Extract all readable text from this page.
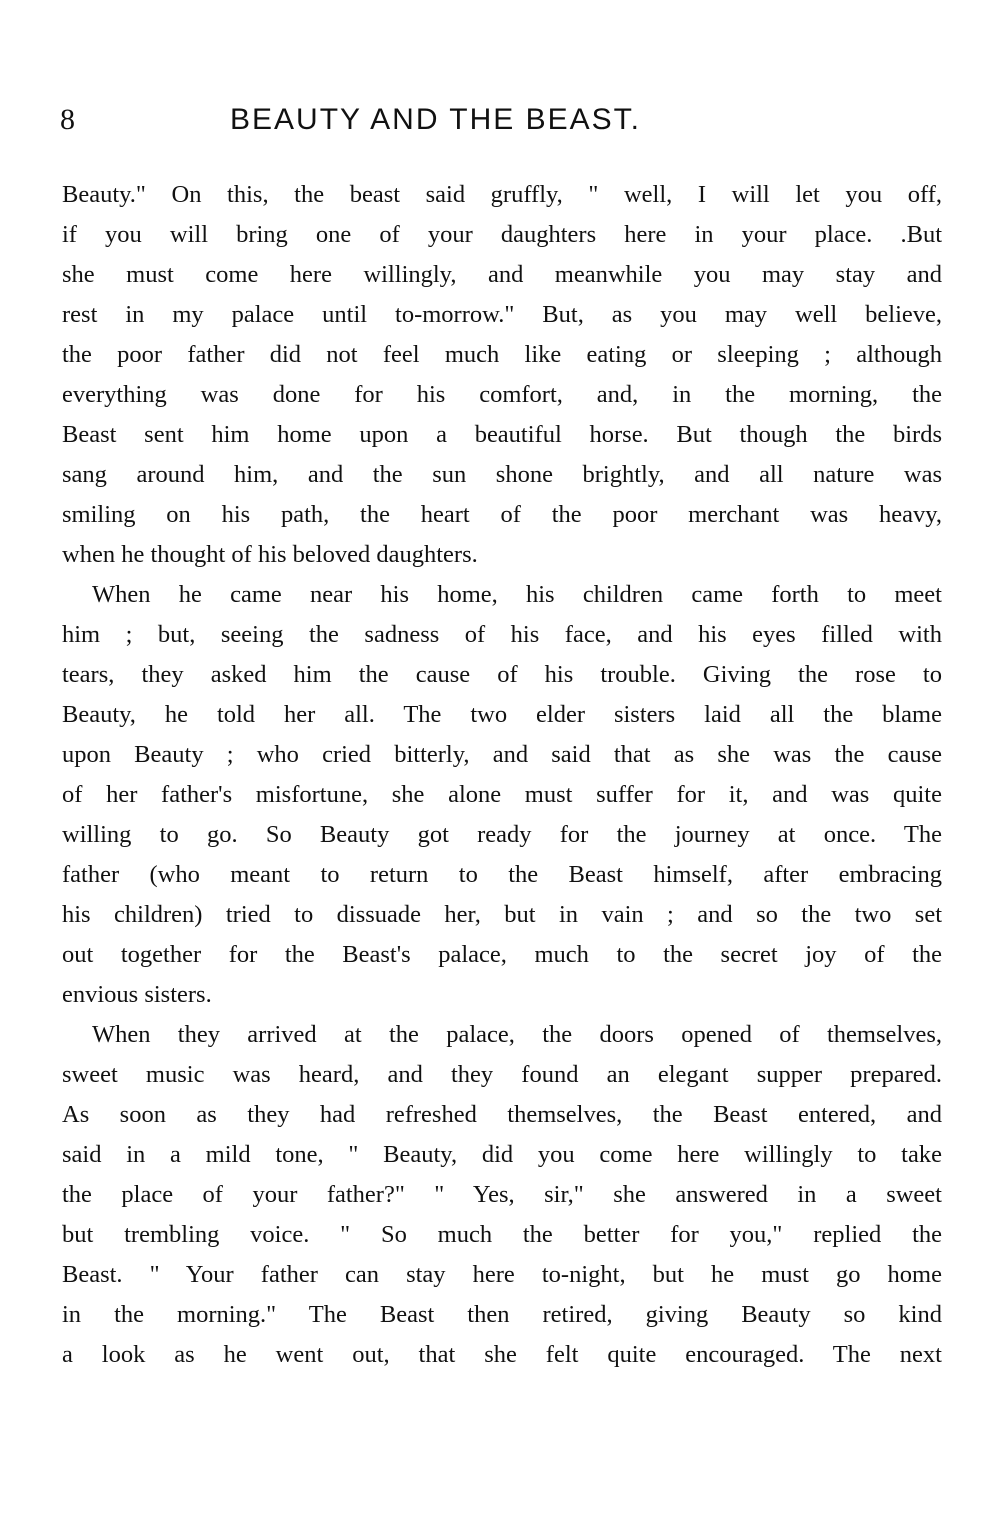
8	BEAUTY AND THE BEAST.
Beauty." On this, the beast said gruffly, " well, I will let you off,
if you will bring one of your daughters here in your place. .But
she must come here willingly, and meanwhile you may stay and
rest in my palace until to-morrow." But, as you may well believe,
the poor father did not feel much like eating or sleeping ; although
everything was done for his comfort, and, in the morning, the
Beast sent him home upon a beautiful horse. But though the birds
sang around him, and the sun shone brightly, and all nature was
smiling on his path, the heart of the poor merchant was heavy,
when he thought of his beloved daughters.
When he came near his home, his children came forth to meet
him ; but, seeing the sadness of his face, and his eyes filled with
tears, they asked him the cause of his trouble. Giving the rose to
Beauty, he told her all. The two elder sisters laid all the blame
upon Beauty ; who cried bitterly, and said that as she was the cause
of her father's misfortune, she alone must suffer for it, and was quite
willing to go. So Beauty got ready for the journey at once. The
father (who meant to return to the Beast himself, after embracing
his children) tried to dissuade her, but in vain ; and so the two set
out together for the Beast's palace, much to the secret joy of the
envious sisters.
When they arrived at the palace, the doors opened of themselves,
sweet music was heard, and they found an elegant supper prepared.
As soon as they had refreshed themselves, the Beast entered, and
said in a mild tone, " Beauty, did you come here willingly to take
the place of your father?" " Yes, sir," she answered in a sweet
but trembling voice. " So much the better for you," replied the
Beast. " Your father can stay here to-night, but he must go home
in the morning." The Beast then retired, giving Beauty so kind
a look as he went out, that she felt quite encouraged. The next
